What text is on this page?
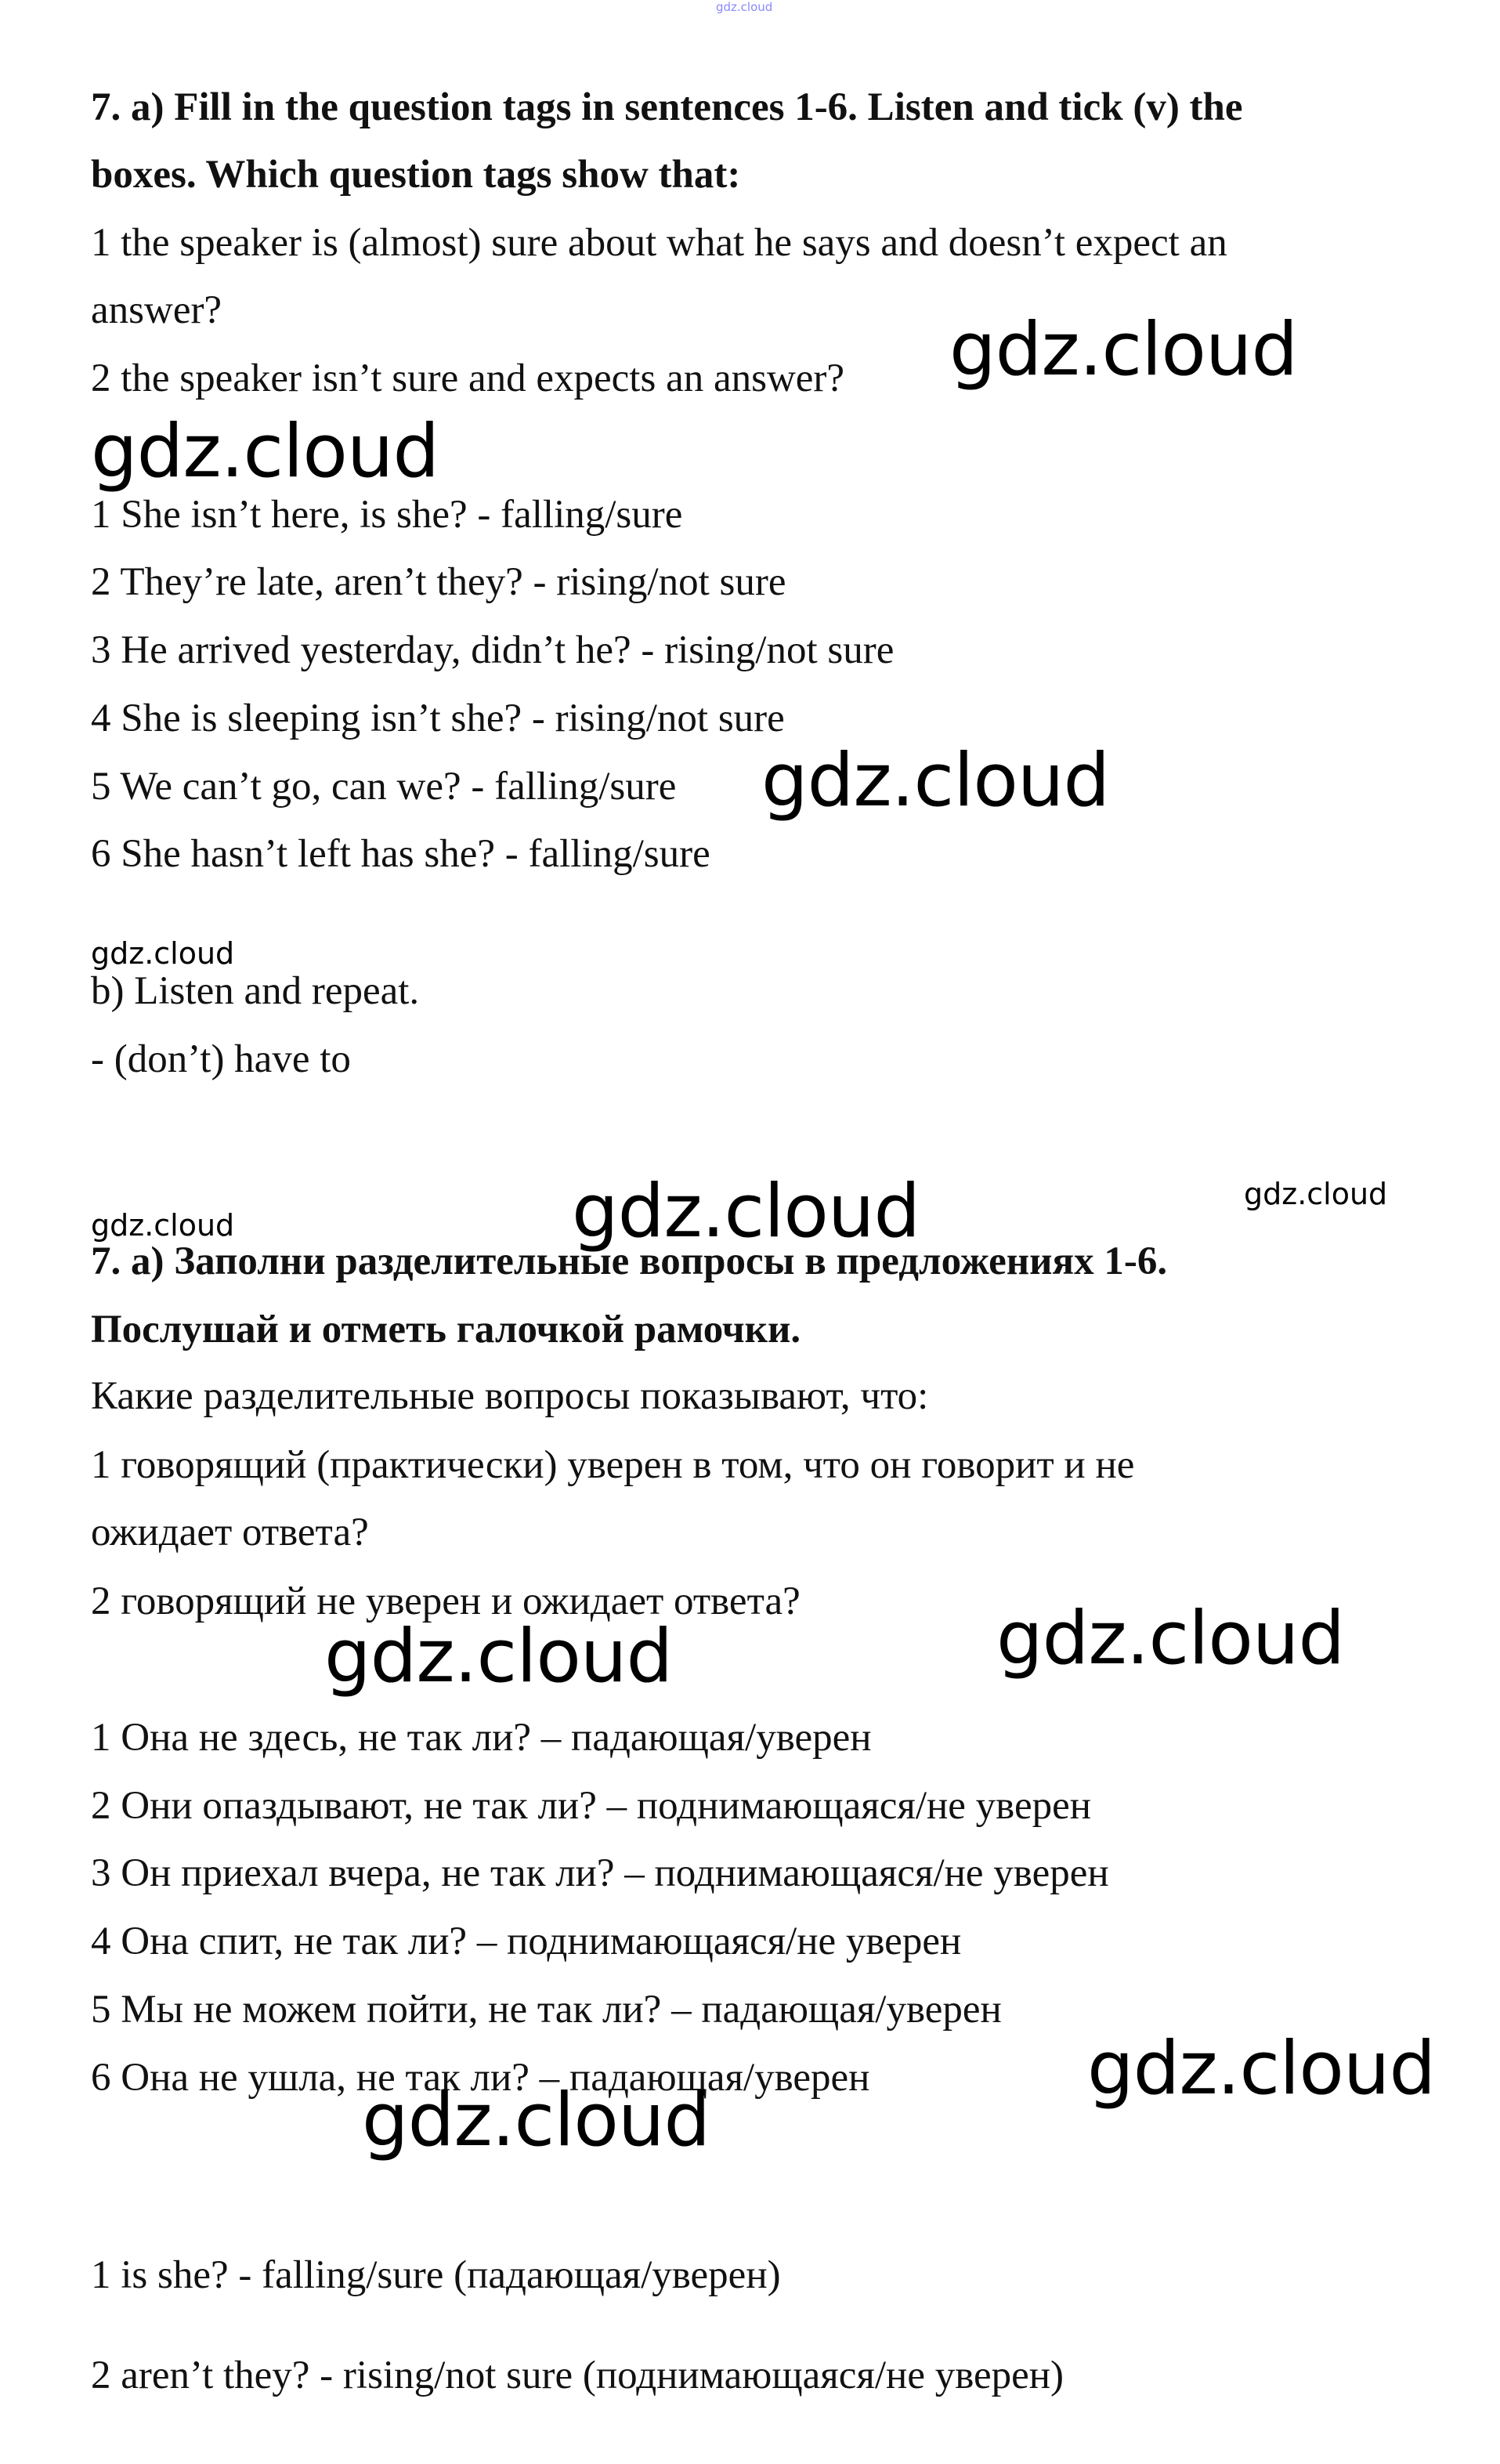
gdz.cloud

7. a) Fill in the question tags in sentences 1-6. Listen and tick (v) the

boxes. Which question tags show that:

1 the speaker is (almost) sure about what he says and doesn’t expect an

answer?

2 the speaker isn’t sure and expects an answer?

1 She isn’t here, is she? - falling/sure

2 They’re late, aren’t they? - rising/not sure

3 He arrived yesterday, didn’t he? - rising/not sure

4 She is sleeping isn’t she? - rising/not sure

5 We can’t go, can we? - falling/sure

6 She hasn’t left has she? - falling/sure

b) Listen and repeat.

- (don’t) have to

7. a) Заполни разделительные вопросы в предложениях 1-6.

Послушай и отметь галочкой рамочки.

Какие разделительные вопросы показывают, что:

1 говорящий (практически) уверен в том, что он говорит и не

ожидает ответа?

2 говорящий не уверен и ожидает ответа?

1 Она не здесь, не так ли? – падающая/уверен

2 Они опаздывают, не так ли? – поднимающаяся/не уверен

3 Он приехал вчера, не так ли? – поднимающаяся/не уверен

4 Она спит, не так ли? – поднимающаяся/не уверен

5 Мы не можем пойти, не так ли? – падающая/уверен

6 Она не ушла, не так ли? – падающая/уверен

1 is she? - falling/sure (падающая/уверен)

2 aren’t they? - rising/not sure (поднимающаяся/не уверен)

gdz.cloud

gdz.cloud

gdz.cloud

gdz.cloud

gdz.cloud	gdz.cloud

gdz.cloud

gdz.cloud

gdz.cloud

gdz.cloud

gdz.cloud
